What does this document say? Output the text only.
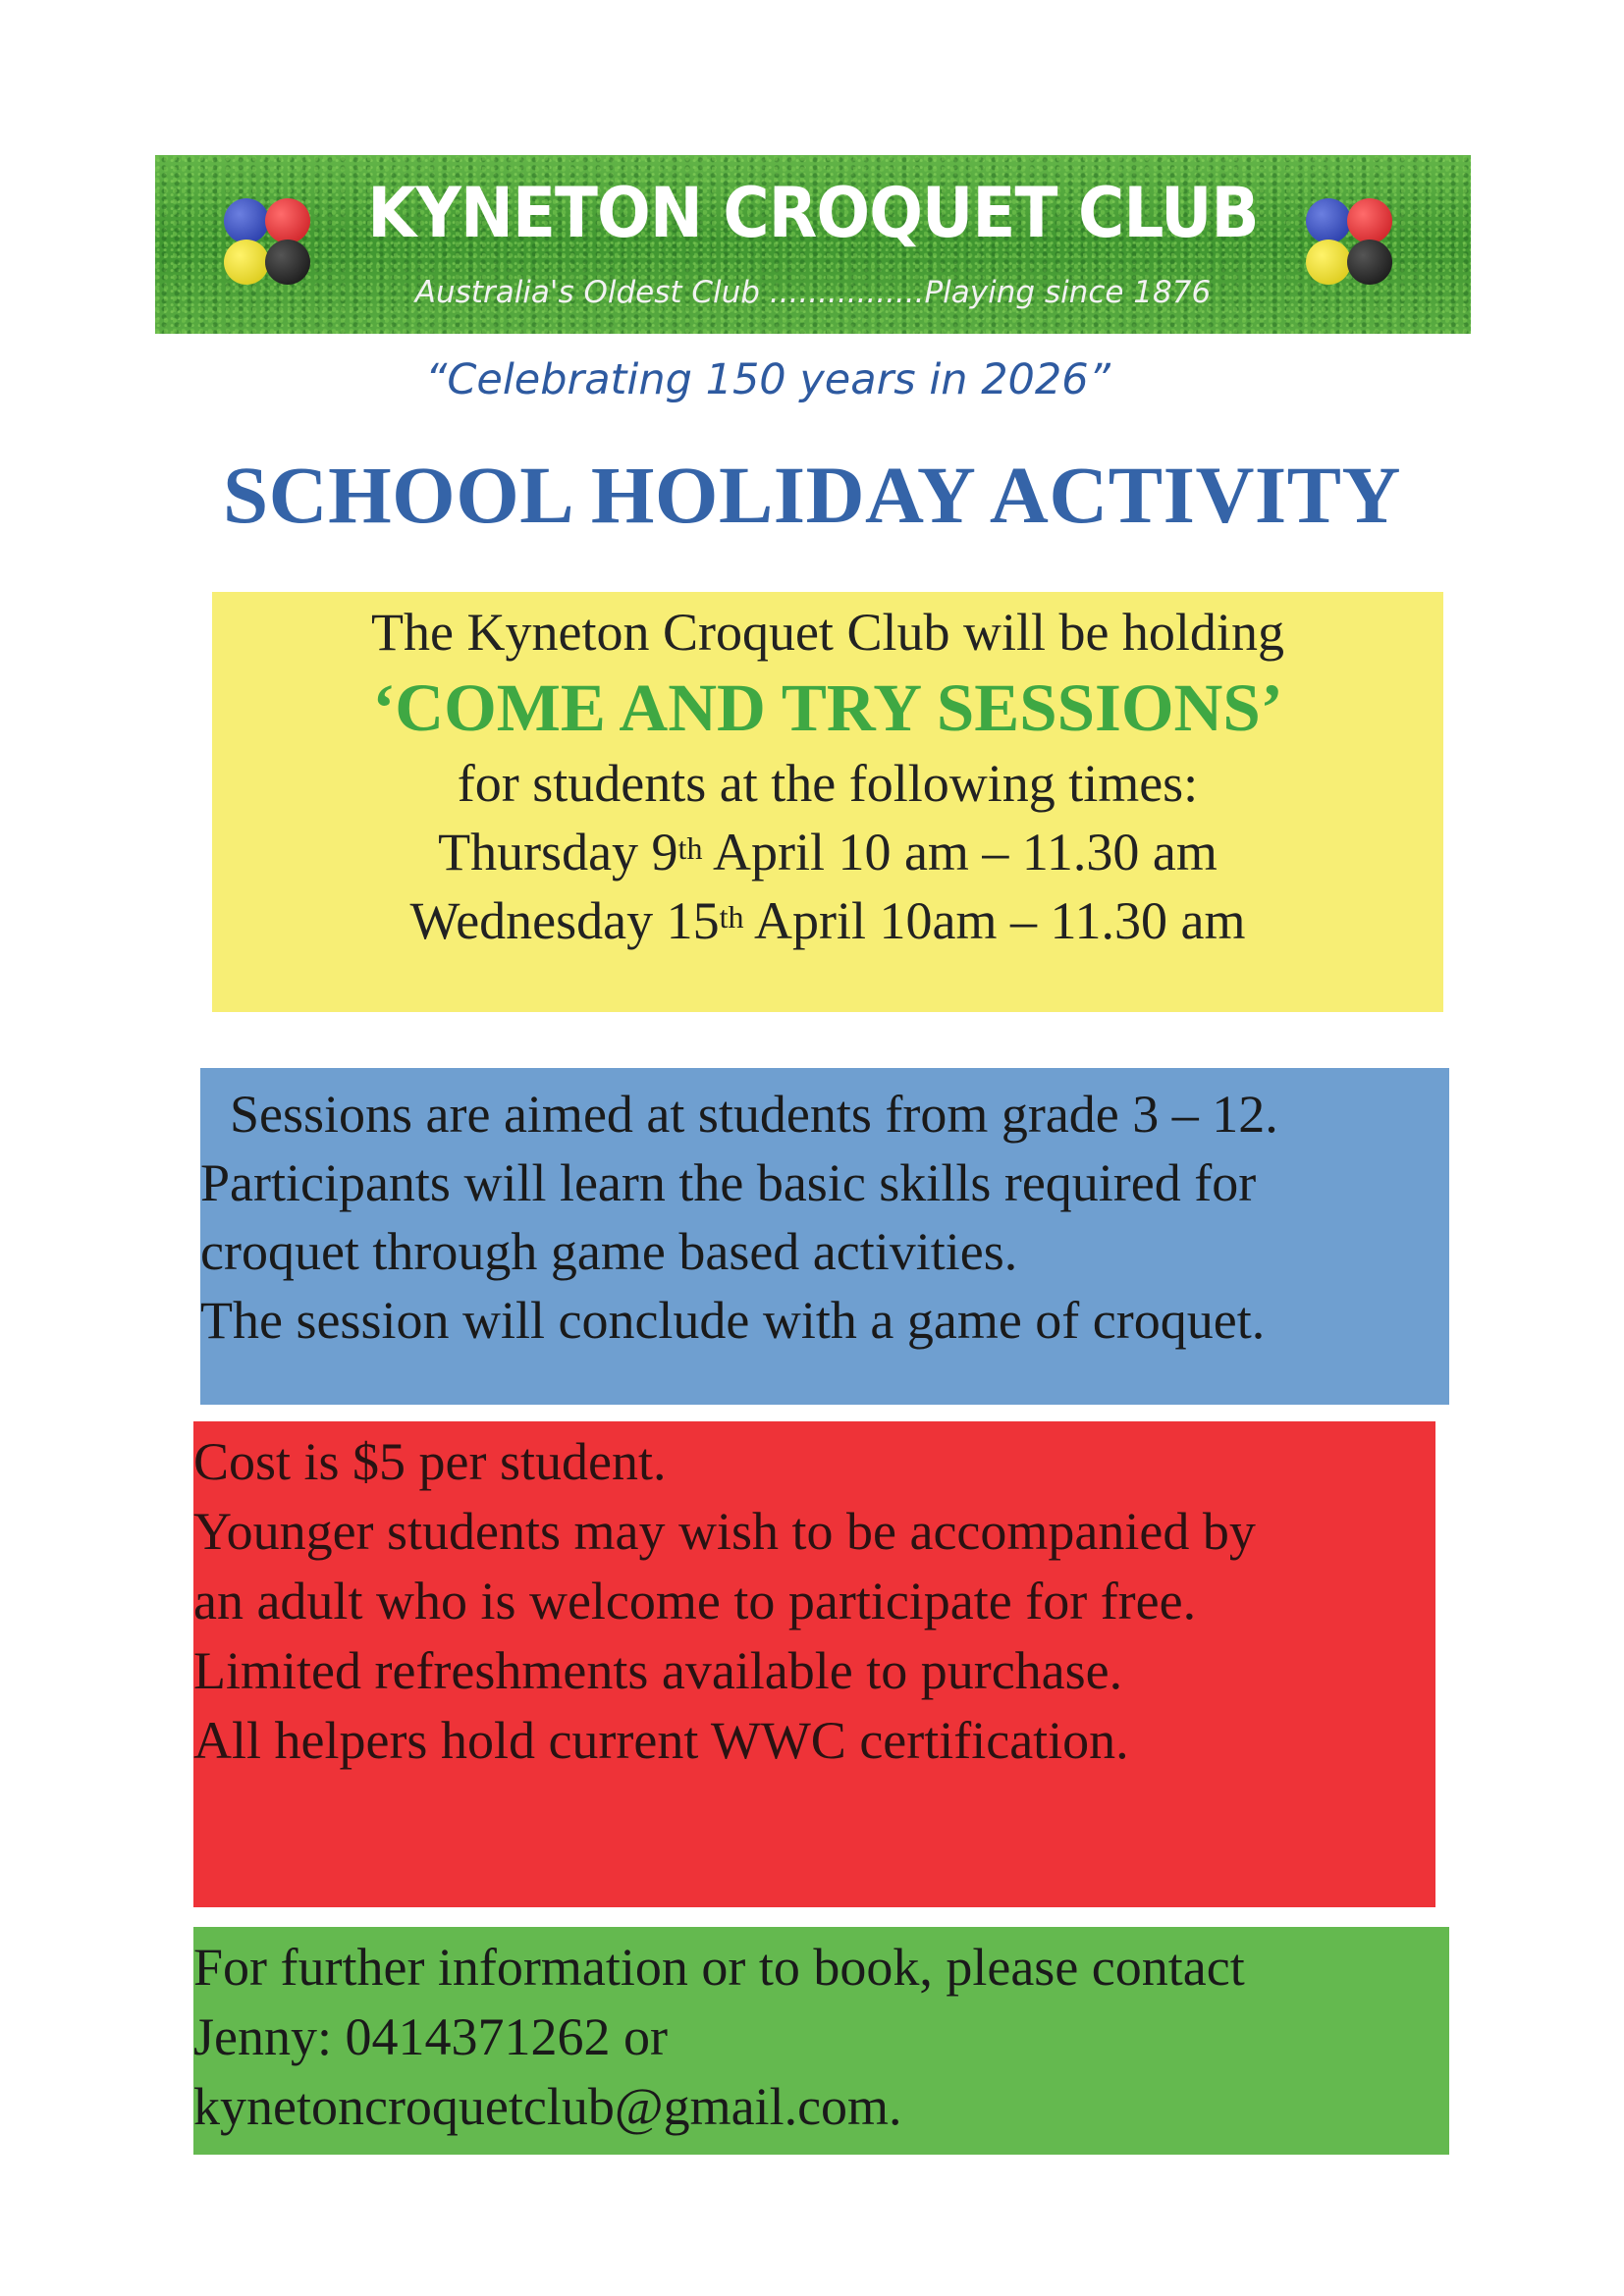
KYNETON CROQUET CLUB
Australia's Oldest Club ................Playing since 1876
“Celebrating 150 years in 2026”
SCHOOL HOLIDAY ACTIVITY
The Kyneton Croquet Club will be holding
‘COME AND TRY SESSIONS’
for students at the following times:
Thursday 9th April 10 am – 11.30 am
Wednesday 15th April 10am – 11.30 am
Sessions are aimed at students from grade 3 – 12.
Participants will learn the basic skills required for
croquet through game based activities.
The session will conclude with a game of croquet.
Cost is $5 per student.
Younger students may wish to be accompanied by
an adult who is welcome to participate for free.
Limited refreshments available to purchase.
All helpers hold current WWC certification.
For further information or to book, please contact
Jenny: 0414371262 or
kynetoncroquetclub@gmail.com.
